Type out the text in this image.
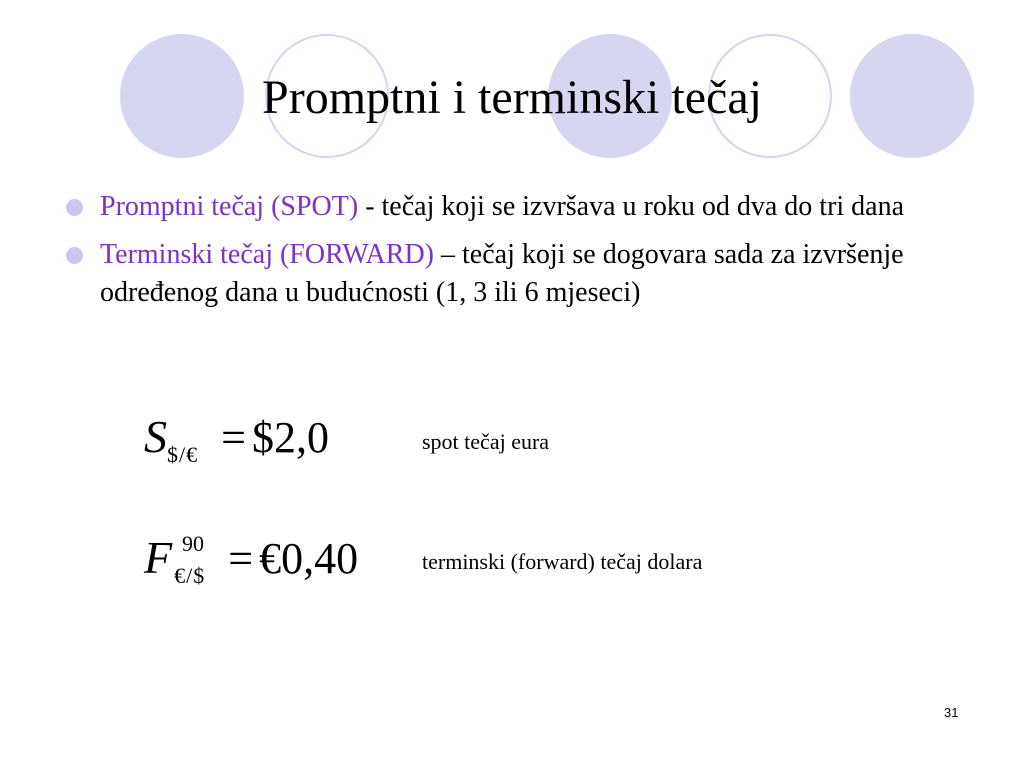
Promptni i terminski tečaj
Promptni tečaj (SPOT) - tečaj koji se izvršava u roku od dva do tri dana
Terminski tečaj (FORWARD) – tečaj koji se dogovara sada za izvršenje određenog dana u budućnosti (1, 3 ili 6 mjeseci)
$S_{\$/€}$ = $2,0	spot tečaj eura
F 90
$_{€/\$}$ = €0,40	terminski (forward) tečaj dolara
31
